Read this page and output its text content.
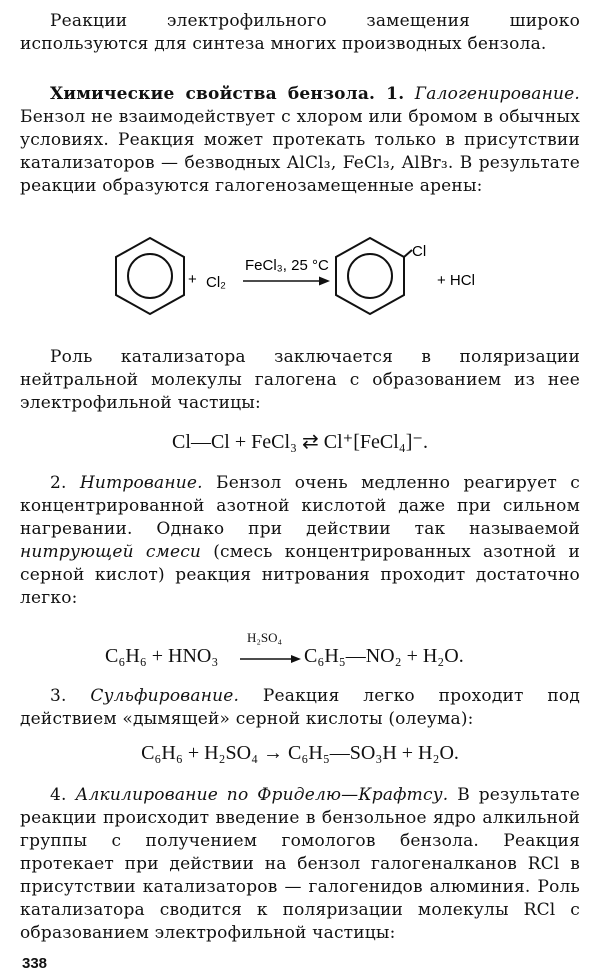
Реакции электрофильного замещения широко используются для синтеза многих производных бензола.
Химические свойства бензола. 1. Галогенирование. Бензол не взаимодействует с хлором или бромом в обычных условиях. Реакция может протекать только в присутствии катализаторов — безводных AlCl₃, FeCl₃, AlBr₃. В результате реакции образуются галогенозамещенные арены:
+ Cl₂
FeCl₃, 25 °C
Cl
+ HCl
Роль катализатора заключается в поляризации нейтральной молекулы галогена с образованием из нее электрофильной частицы:
Cl—Cl + FeCl₃ ⇄ Cl⁺[FeCl₄]⁻.
2. Нитрование. Бензол очень медленно реагирует с концентрированной азотной кислотой даже при сильном нагревании. Однако при действии так называемой нитрующей смеси (смесь концентрированных азотной и серной кислот) реакция нитрования проходит достаточно легко:
H₂SO₄
C₆H₆ + HNO₃	C₆H₅—NO₂ + H₂O.
3. Сульфирование. Реакция легко проходит под действием «дымящей» серной кислоты (олеума):
C₆H₆ + H₂SO₄ → C₆H₅—SO₃H + H₂O.
4. Алкилирование по Фриделю—Крафтсу. В результате реакции происходит введение в бензольное ядро алкильной группы с получением гомологов бензола. Реакция протекает при действии на бензол галогеналканов RCl в присутствии катализаторов — галогенидов алюминия. Роль катализатора сводится к поляризации молекулы RCl с образованием электрофильной частицы:
338
